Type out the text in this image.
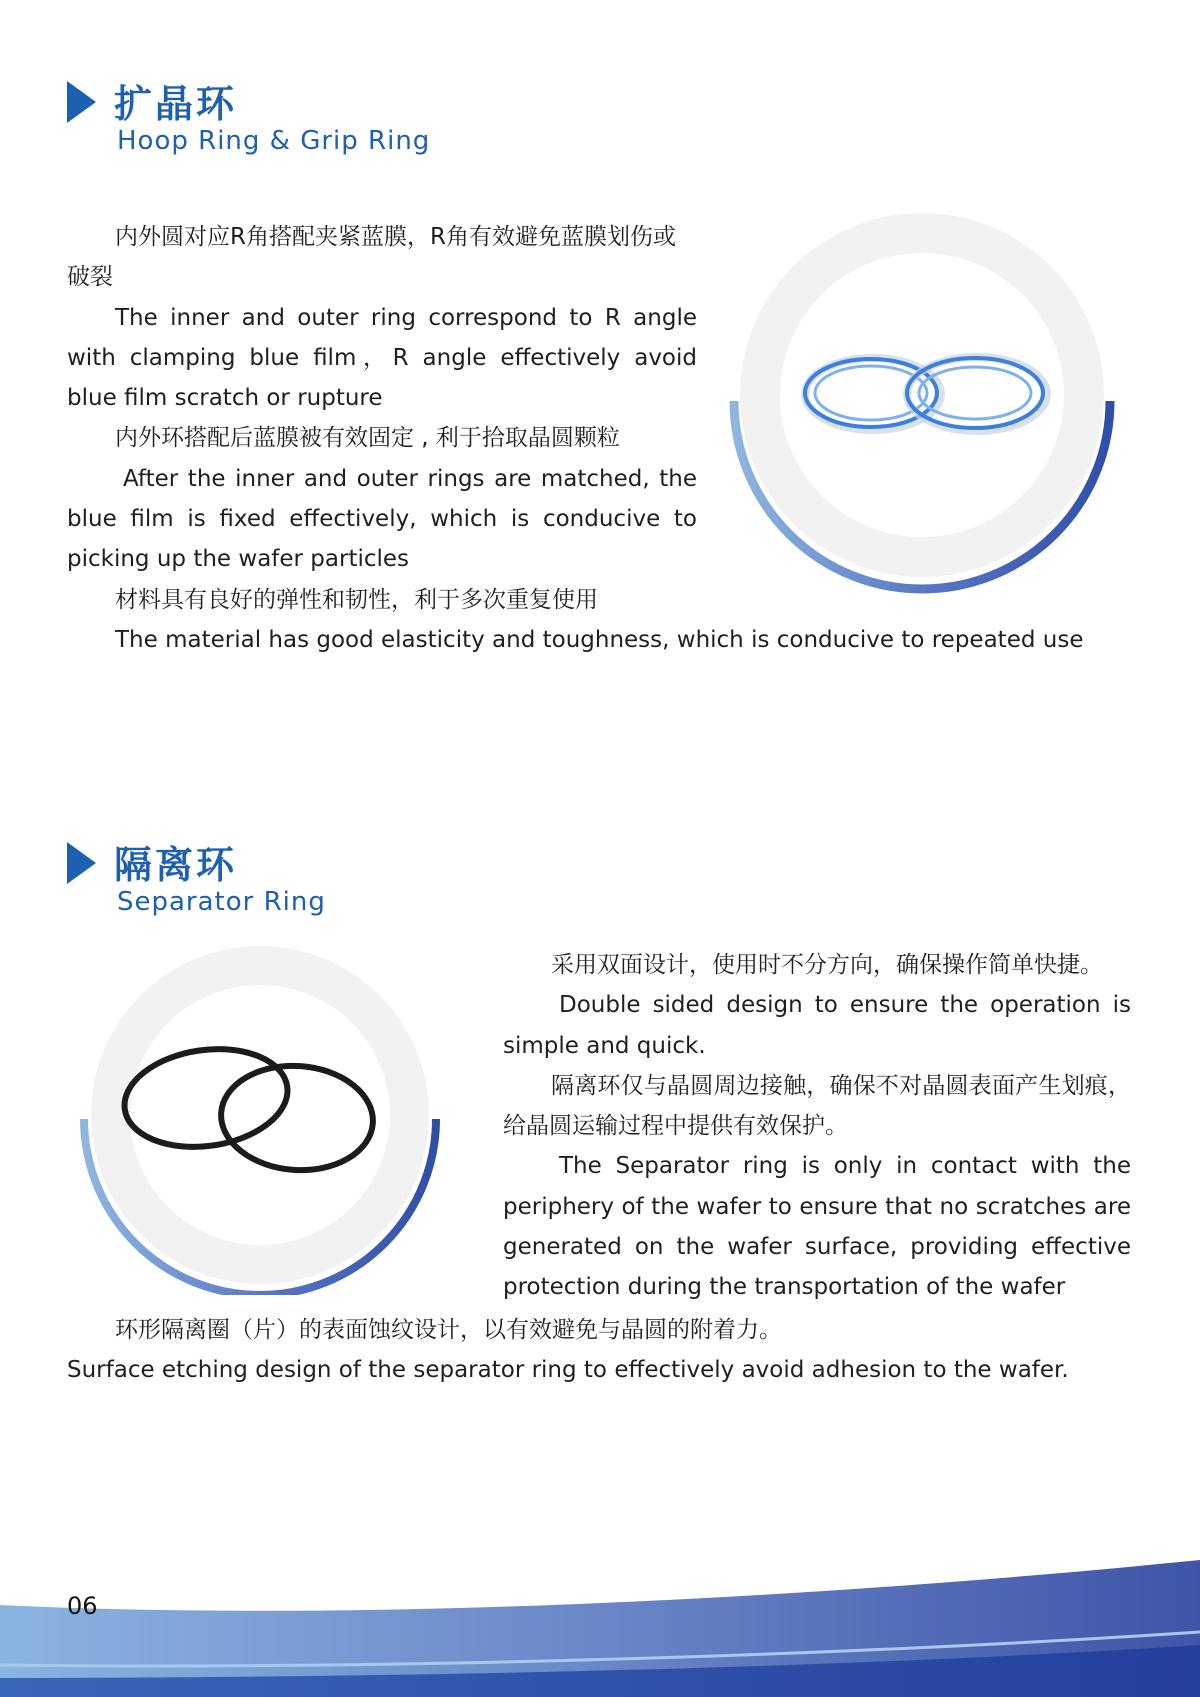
扩晶环
Hoop Ring & Grip Ring

内外圆对应R角搭配夹紧蓝膜，R角有效避免蓝膜划伤或破裂

The inner and outer ring correspond to R angle with clamping blue film，R angle effectively avoid blue film scratch or rupture

内外环搭配后蓝膜被有效固定 , 利于拾取晶圆颗粒

After the inner and outer rings are matched, the blue film is fixed effectively, which is conducive to picking up the wafer particles

材料具有良好的弹性和韧性，利于多次重复使用

The material has good elasticity and toughness, which is conducive to repeated use

隔离环
Separator Ring

采用双面设计，使用时不分方向，确保操作简单快捷。

Double sided design to ensure the operation is simple and quick.

隔离环仅与晶圆周边接触，确保不对晶圆表面产生划痕，给晶圆运输过程中提供有效保护。

The Separator ring is only in contact with the periphery of the wafer to ensure that no scratches are generated on the wafer surface, providing effective protection during the transportation of the wafer

环形隔离圈（片）的表面蚀纹设计，以有效避免与晶圆的附着力。

Surface etching design of the separator ring to effectively avoid adhesion to the wafer.

06
